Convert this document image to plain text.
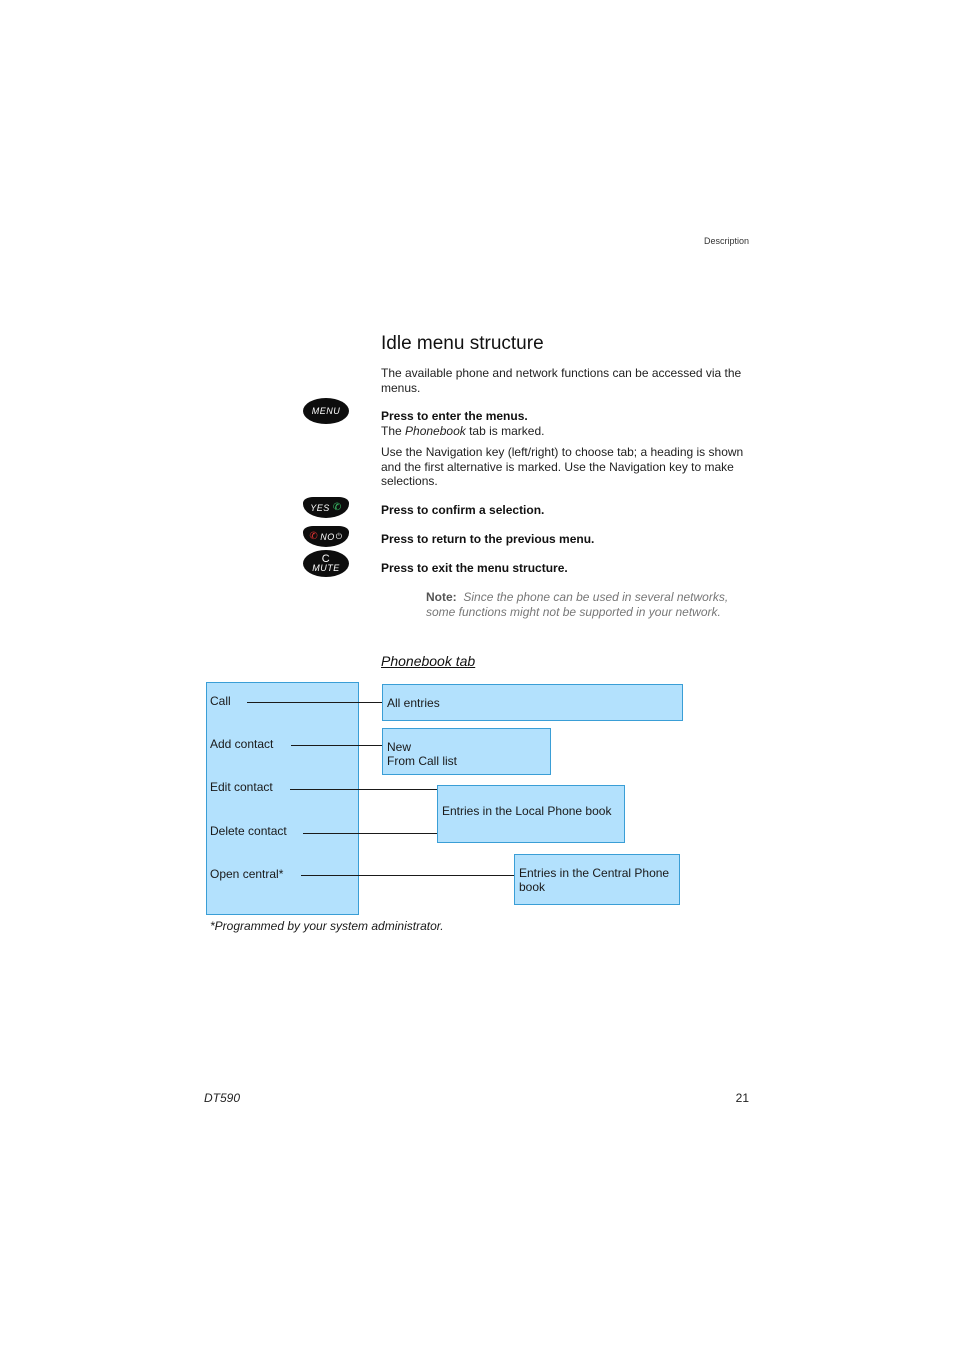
Description
Idle menu structure
The available phone and network functions can be accessed via the menus.
MENU
YES ✆
✆ NO ⏻
C
MUTE
Press to enter the menus.
The Phonebook tab is marked.
Use the Navigation key (left/right) to choose tab; a heading is shown and the first alternative is marked. Use the Navigation key to make selections.
Press to confirm a selection.
Press to return to the previous menu.
Press to exit the menu structure.
Note: Since the phone can be used in several networks, some functions might not be supported in your network.
Phonebook tab
Call
Add contact
Edit contact
Delete contact
Open central*
All entries
New
From Call list
Entries in the Local Phone book
Entries in the Central Phone book
*Programmed by your system administrator.
DT590	21
